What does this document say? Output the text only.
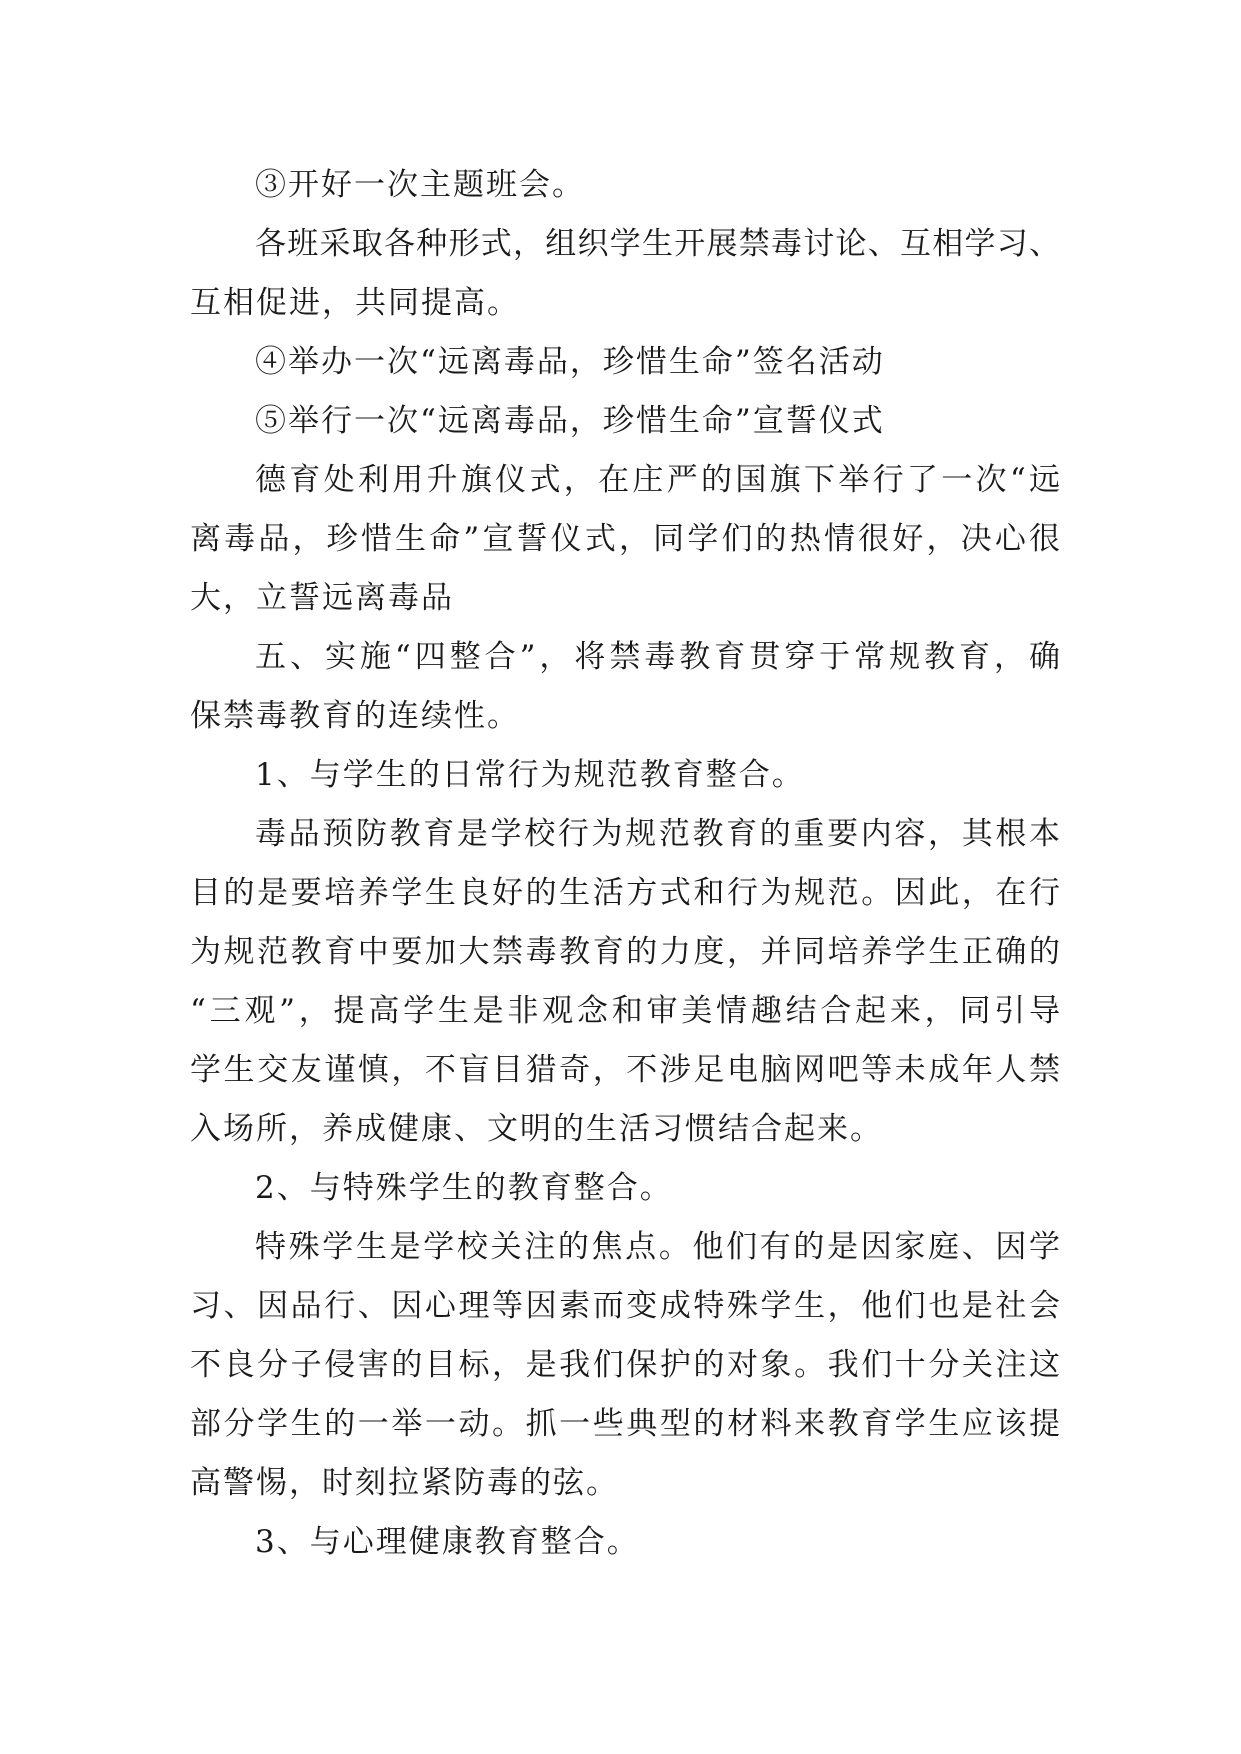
③开好一次主题班会。
各班采取各种形式，组织学生开展禁毒讨论、互相学习、
互相促进，共同提高。
④举办一次“远离毒品，珍惜生命”签名活动
⑤举行一次“远离毒品，珍惜生命”宣誓仪式
德育处利用升旗仪式，在庄严的国旗下举行了一次“远
离毒品，珍惜生命”宣誓仪式，同学们的热情很好，决心很
大，立誓远离毒品
五、实施“四整合”，将禁毒教育贯穿于常规教育，确
保禁毒教育的连续性。
1、与学生的日常行为规范教育整合。
毒品预防教育是学校行为规范教育的重要内容，其根本
目的是要培养学生良好的生活方式和行为规范。因此，在行
为规范教育中要加大禁毒教育的力度，并同培养学生正确的
“三观”，提高学生是非观念和审美情趣结合起来，同引导
学生交友谨慎，不盲目猎奇，不涉足电脑网吧等未成年人禁
入场所，养成健康、文明的生活习惯结合起来。
2、与特殊学生的教育整合。
特殊学生是学校关注的焦点。他们有的是因家庭、因学
习、因品行、因心理等因素而变成特殊学生，他们也是社会
不良分子侵害的目标，是我们保护的对象。我们十分关注这
部分学生的一举一动。抓一些典型的材料来教育学生应该提
高警惕，时刻拉紧防毒的弦。
3、与心理健康教育整合。
